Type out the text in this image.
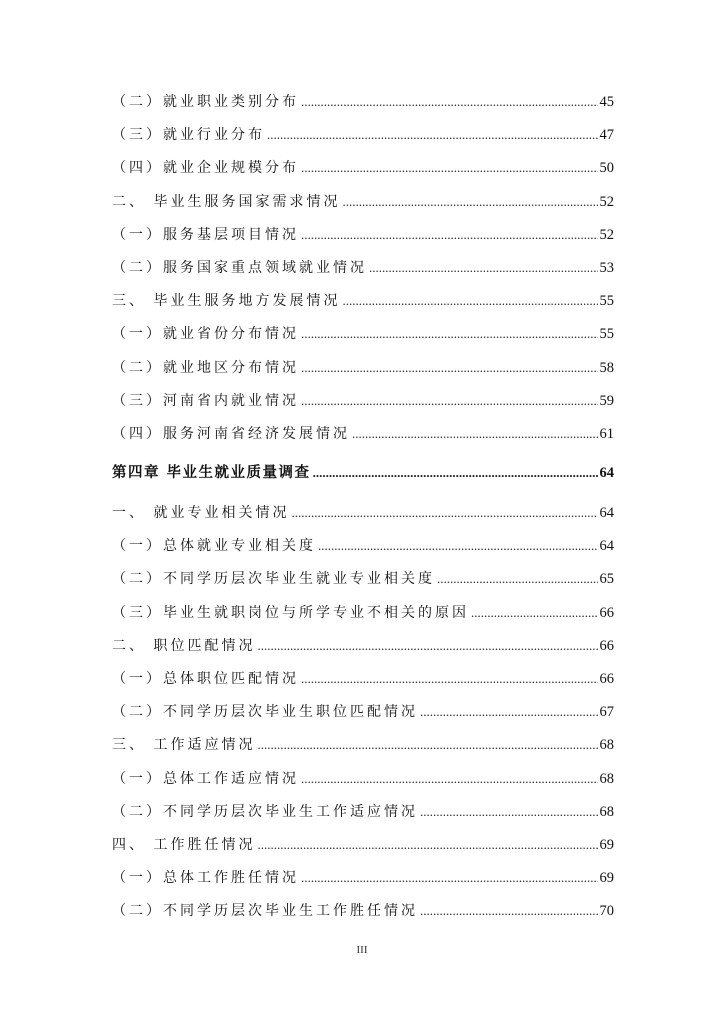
（二）就业职业类别分布 .....	45
（三）就业行业分布 .....	47
（四）就业企业规模分布 .....	50
二、 毕业生服务国家需求情况 .....	52
（一）服务基层项目情况 .....	52
（二）服务国家重点领域就业情况 .....	53
三、 毕业生服务地方发展情况 .....	55
（一）就业省份分布情况 .....	55
（二）就业地区分布情况 .....	58
（三）河南省内就业情况 .....	59
（四）服务河南省经济发展情况 .....	61
第四章 毕业生就业质量调查 .....	64
一、 就业专业相关情况 .....	64
（一）总体就业专业相关度 .....	64
（二）不同学历层次毕业生就业专业相关度 .....	65
（三）毕业生就职岗位与所学专业不相关的原因 .....	66
二、 职位匹配情况 .....	66
（一）总体职位匹配情况 .....	66
（二）不同学历层次毕业生职位匹配情况 .....	67
三、 工作适应情况 .....	68
（一）总体工作适应情况 .....	68
（二）不同学历层次毕业生工作适应情况 .....	68
四、 工作胜任情况 .....	69
（一）总体工作胜任情况 .....	69
（二）不同学历层次毕业生工作胜任情况 .....	70
III
